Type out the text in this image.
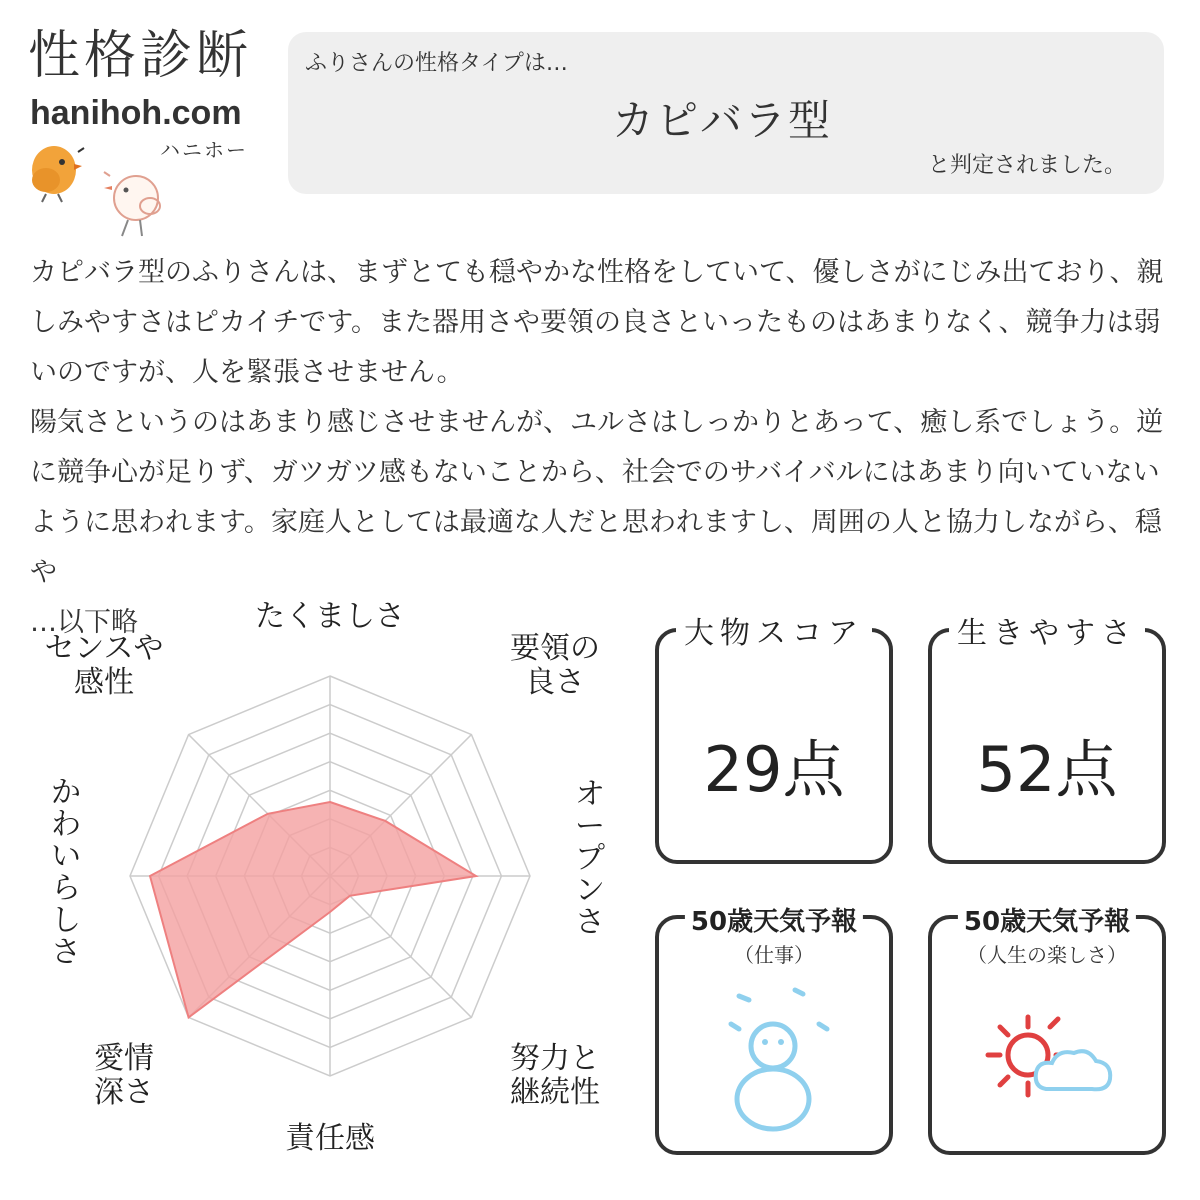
性格診断
hanihoh.com
ハニホー
ふりさんの性格タイプは…
カピバラ型
と判定されました。

カピバラ型のふりさんは、まずとても穏やかな性格をしていて、優しさがにじみ出ており、親しみやすさはピカイチです。また器用さや要領の良さといったものはあまりなく、競争力は弱いのですが、人を緊張させません。

陽気さというのはあまり感じさせませんが、ユルさはしっかりとあって、癒し系でしょう。逆に競争心が足りず、ガツガツ感もないことから、社会でのサバイバルにはあまり向いていないように思われます。家庭人としては最適な人だと思われますし、周囲の人と協力しながら、穏や

…以下略	たくましさ
要領の良さ
オープンさ
努力と継続性
責任感
愛情深さ
かわいらしさ
センスや感性
大物スコア
29点
生きやすさ
52点
50歳天気予報
（仕事）
50歳天気予報
（人生の楽しさ）
